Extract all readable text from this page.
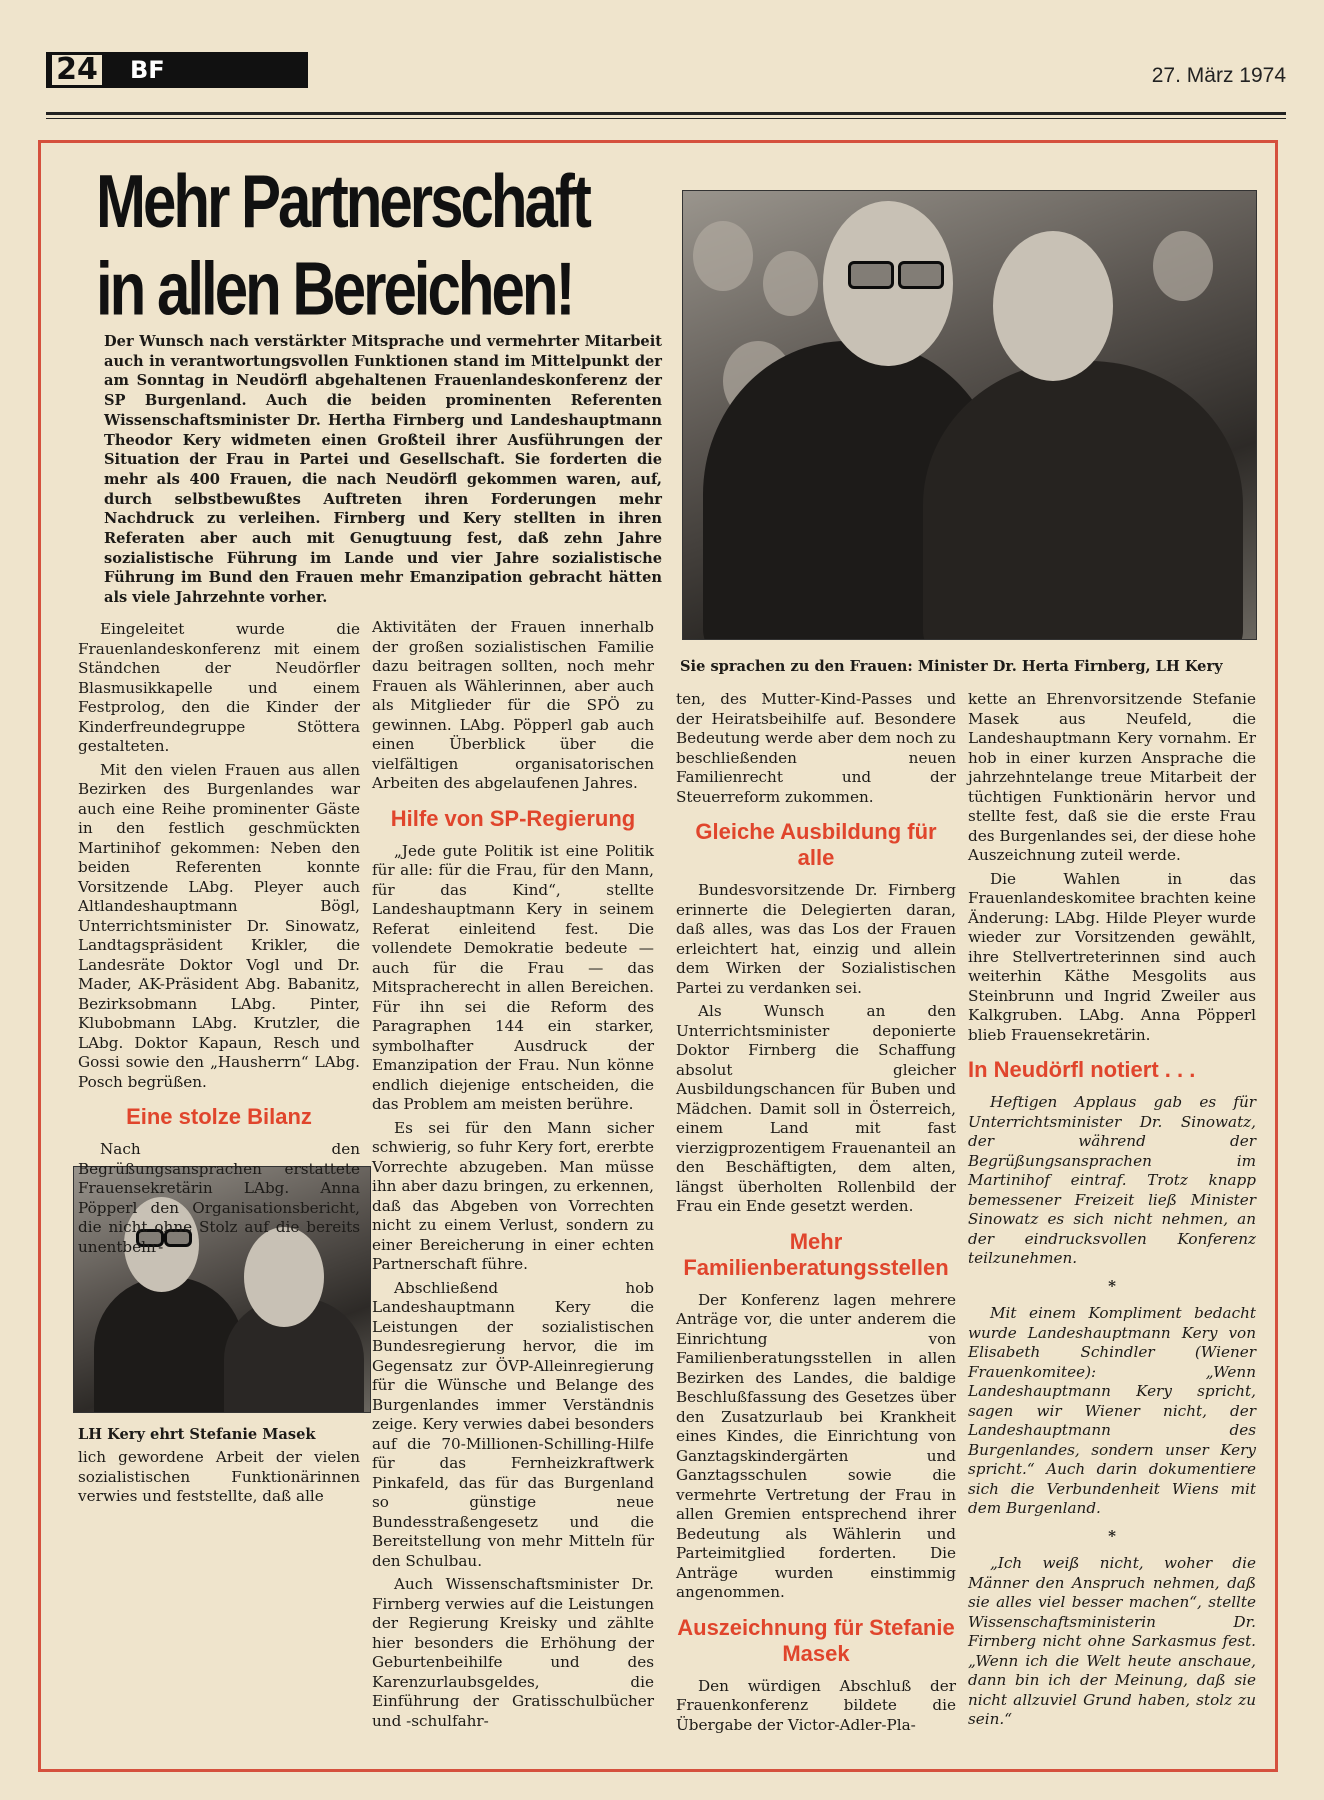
24	BF	27. März 1974
Mehr Partnerschaft in allen Bereichen!

Der Wunsch nach verstärkter Mitsprache und vermehrter Mitarbeit auch in verantwortungsvollen Funktionen stand im Mittelpunkt der am Sonntag in Neudörfl abgehaltenen Frauenlandeskonferenz der SP Burgenland. Auch die beiden prominenten Referenten Wissenschaftsminister Dr. Hertha Firnberg und Landeshauptmann Theodor Kery widmeten einen Großteil ihrer Ausführungen der Situation der Frau in Partei und Gesellschaft. Sie forderten die mehr als 400 Frauen, die nach Neudörfl gekommen waren, auf, durch selbstbewußtes Auftreten ihren Forderungen mehr Nachdruck zu verleihen. Firnberg und Kery stellten in ihren Referaten aber auch mit Genugtuung fest, daß zehn Jahre sozialistische Führung im Lande und vier Jahre sozialistische Führung im Bund den Frauen mehr Emanzipation gebracht hätten als viele Jahrzehnte vorher.

Sie sprachen zu den Frauen: Minister Dr. Herta Firnberg, LH Kery

LH Kery ehrt Stefanie Masek

Eingeleitet wurde die Frauenlandeskonferenz mit einem Ständchen der Neudörfler Blasmusikkapelle und einem Festprolog, den die Kinder der Kinderfreundegruppe Stöttera gestalteten.

Mit den vielen Frauen aus allen Bezirken des Burgenlandes war auch eine Reihe prominenter Gäste in den festlich geschmückten Martinihof gekommen: Neben den beiden Referenten konnte Vorsitzende LAbg. Pleyer auch Altlandeshauptmann Bögl, Unterrichtsminister Dr. Sinowatz, Landtagspräsident Krikler, die Landesräte Doktor Vogl und Dr. Mader, AK-Präsident Abg. Babanitz, Bezirksobmann LAbg. Pinter, Klubobmann LAbg. Krutzler, die LAbg. Doktor Kapaun, Resch und Gossi sowie den „Hausherrn“ LAbg. Posch begrüßen.

Eine stolze Bilanz

Nach den Begrüßungsansprachen erstattete Frauensekretärin LAbg. Anna Pöpperl den Organisationsbericht, die nicht ohne Stolz auf die bereits unentbehr-

lich gewordene Arbeit der vielen sozialistischen Funktionärinnen verwies und feststellte, daß alle

Aktivitäten der Frauen innerhalb der großen sozialistischen Familie dazu beitragen sollten, noch mehr Frauen als Wählerinnen, aber auch als Mitglieder für die SPÖ zu gewinnen. LAbg. Pöpperl gab auch einen Überblick über die vielfältigen organisatorischen Arbeiten des abgelaufenen Jahres.

Hilfe von SP-Regierung

„Jede gute Politik ist eine Politik für alle: für die Frau, für den Mann, für das Kind“, stellte Landeshauptmann Kery in seinem Referat einleitend fest. Die vollendete Demokratie bedeute — auch für die Frau — das Mitspracherecht in allen Bereichen. Für ihn sei die Reform des Paragraphen 144 ein starker, symbolhafter Ausdruck der Emanzipation der Frau. Nun könne endlich diejenige entscheiden, die das Problem am meisten berühre.

Es sei für den Mann sicher schwierig, so fuhr Kery fort, ererbte Vorrechte abzugeben. Man müsse ihn aber dazu bringen, zu erkennen, daß das Abgeben von Vorrechten nicht zu einem Verlust, sondern zu einer Bereicherung in einer echten Partnerschaft führe.

Abschließend hob Landeshauptmann Kery die Leistungen der sozialistischen Bundesregierung hervor, die im Gegensatz zur ÖVP-Alleinregierung für die Wünsche und Belange des Burgenlandes immer Verständnis zeige. Kery verwies dabei besonders auf die 70-Millionen-Schilling-Hilfe für das Fernheizkraftwerk Pinkafeld, das für das Burgenland so günstige neue Bundesstraßengesetz und die Bereitstellung von mehr Mitteln für den Schulbau.

Auch Wissenschaftsminister Dr. Firnberg verwies auf die Leistungen der Regierung Kreisky und zählte hier besonders die Erhöhung der Geburtenbeihilfe und des Karenzurlaubsgeldes, die Einführung der Gratisschulbücher und -schulfahr-

ten, des Mutter-Kind-Passes und der Heiratsbeihilfe auf. Besondere Bedeutung werde aber dem noch zu beschließenden neuen Familienrecht und der Steuerreform zukommen.

Gleiche Ausbildung für alle

Bundesvorsitzende Dr. Firnberg erinnerte die Delegierten daran, daß alles, was das Los der Frauen erleichtert hat, einzig und allein dem Wirken der Sozialistischen Partei zu verdanken sei.

Als Wunsch an den Unterrichtsminister deponierte Doktor Firnberg die Schaffung absolut gleicher Ausbildungschancen für Buben und Mädchen. Damit soll in Österreich, einem Land mit fast vierzigprozentigem Frauenanteil an den Beschäftigten, dem alten, längst überholten Rollenbild der Frau ein Ende gesetzt werden.

Mehr Familienberatungsstellen

Der Konferenz lagen mehrere Anträge vor, die unter anderem die Einrichtung von Familienberatungsstellen in allen Bezirken des Landes, die baldige Beschlußfassung des Gesetzes über den Zusatzurlaub bei Krankheit eines Kindes, die Einrichtung von Ganztagskindergärten und Ganztagsschulen sowie die vermehrte Vertretung der Frau in allen Gremien entsprechend ihrer Bedeutung als Wählerin und Parteimitglied forderten. Die Anträge wurden einstimmig angenommen.

Auszeichnung für Stefanie Masek

Den würdigen Abschluß der Frauenkonferenz bildete die Übergabe der Victor-Adler-Pla-

kette an Ehrenvorsitzende Stefanie Masek aus Neufeld, die Landeshauptmann Kery vornahm. Er hob in einer kurzen Ansprache die jahrzehntelange treue Mitarbeit der tüchtigen Funktionärin hervor und stellte fest, daß sie die erste Frau des Burgenlandes sei, der diese hohe Auszeichnung zuteil werde.

Die Wahlen in das Frauenlandeskomitee brachten keine Änderung: LAbg. Hilde Pleyer wurde wieder zur Vorsitzenden gewählt, ihre Stellvertreterinnen sind auch weiterhin Käthe Mesgolits aus Steinbrunn und Ingrid Zweiler aus Kalkgruben. LAbg. Anna Pöpperl blieb Frauensekretärin.

In Neudörfl notiert . . .

Heftigen Applaus gab es für Unterrichtsminister Dr. Sinowatz, der während der Begrüßungsansprachen im Martinihof eintraf. Trotz knapp bemessener Freizeit ließ Minister Sinowatz es sich nicht nehmen, an der eindrucksvollen Konferenz teilzunehmen.

*

Mit einem Kompliment bedacht wurde Landeshauptmann Kery von Elisabeth Schindler (Wiener Frauenkomitee): „Wenn Landeshauptmann Kery spricht, sagen wir Wiener nicht, der Landeshauptmann des Burgenlandes, sondern unser Kery spricht.“ Auch darin dokumentiere sich die Verbundenheit Wiens mit dem Burgenland.

*

„Ich weiß nicht, woher die Männer den Anspruch nehmen, daß sie alles viel besser machen“, stellte Wissenschaftsministerin Dr. Firnberg nicht ohne Sarkasmus fest. „Wenn ich die Welt heute anschaue, dann bin ich der Meinung, daß sie nicht allzuviel Grund haben, stolz zu sein.“
